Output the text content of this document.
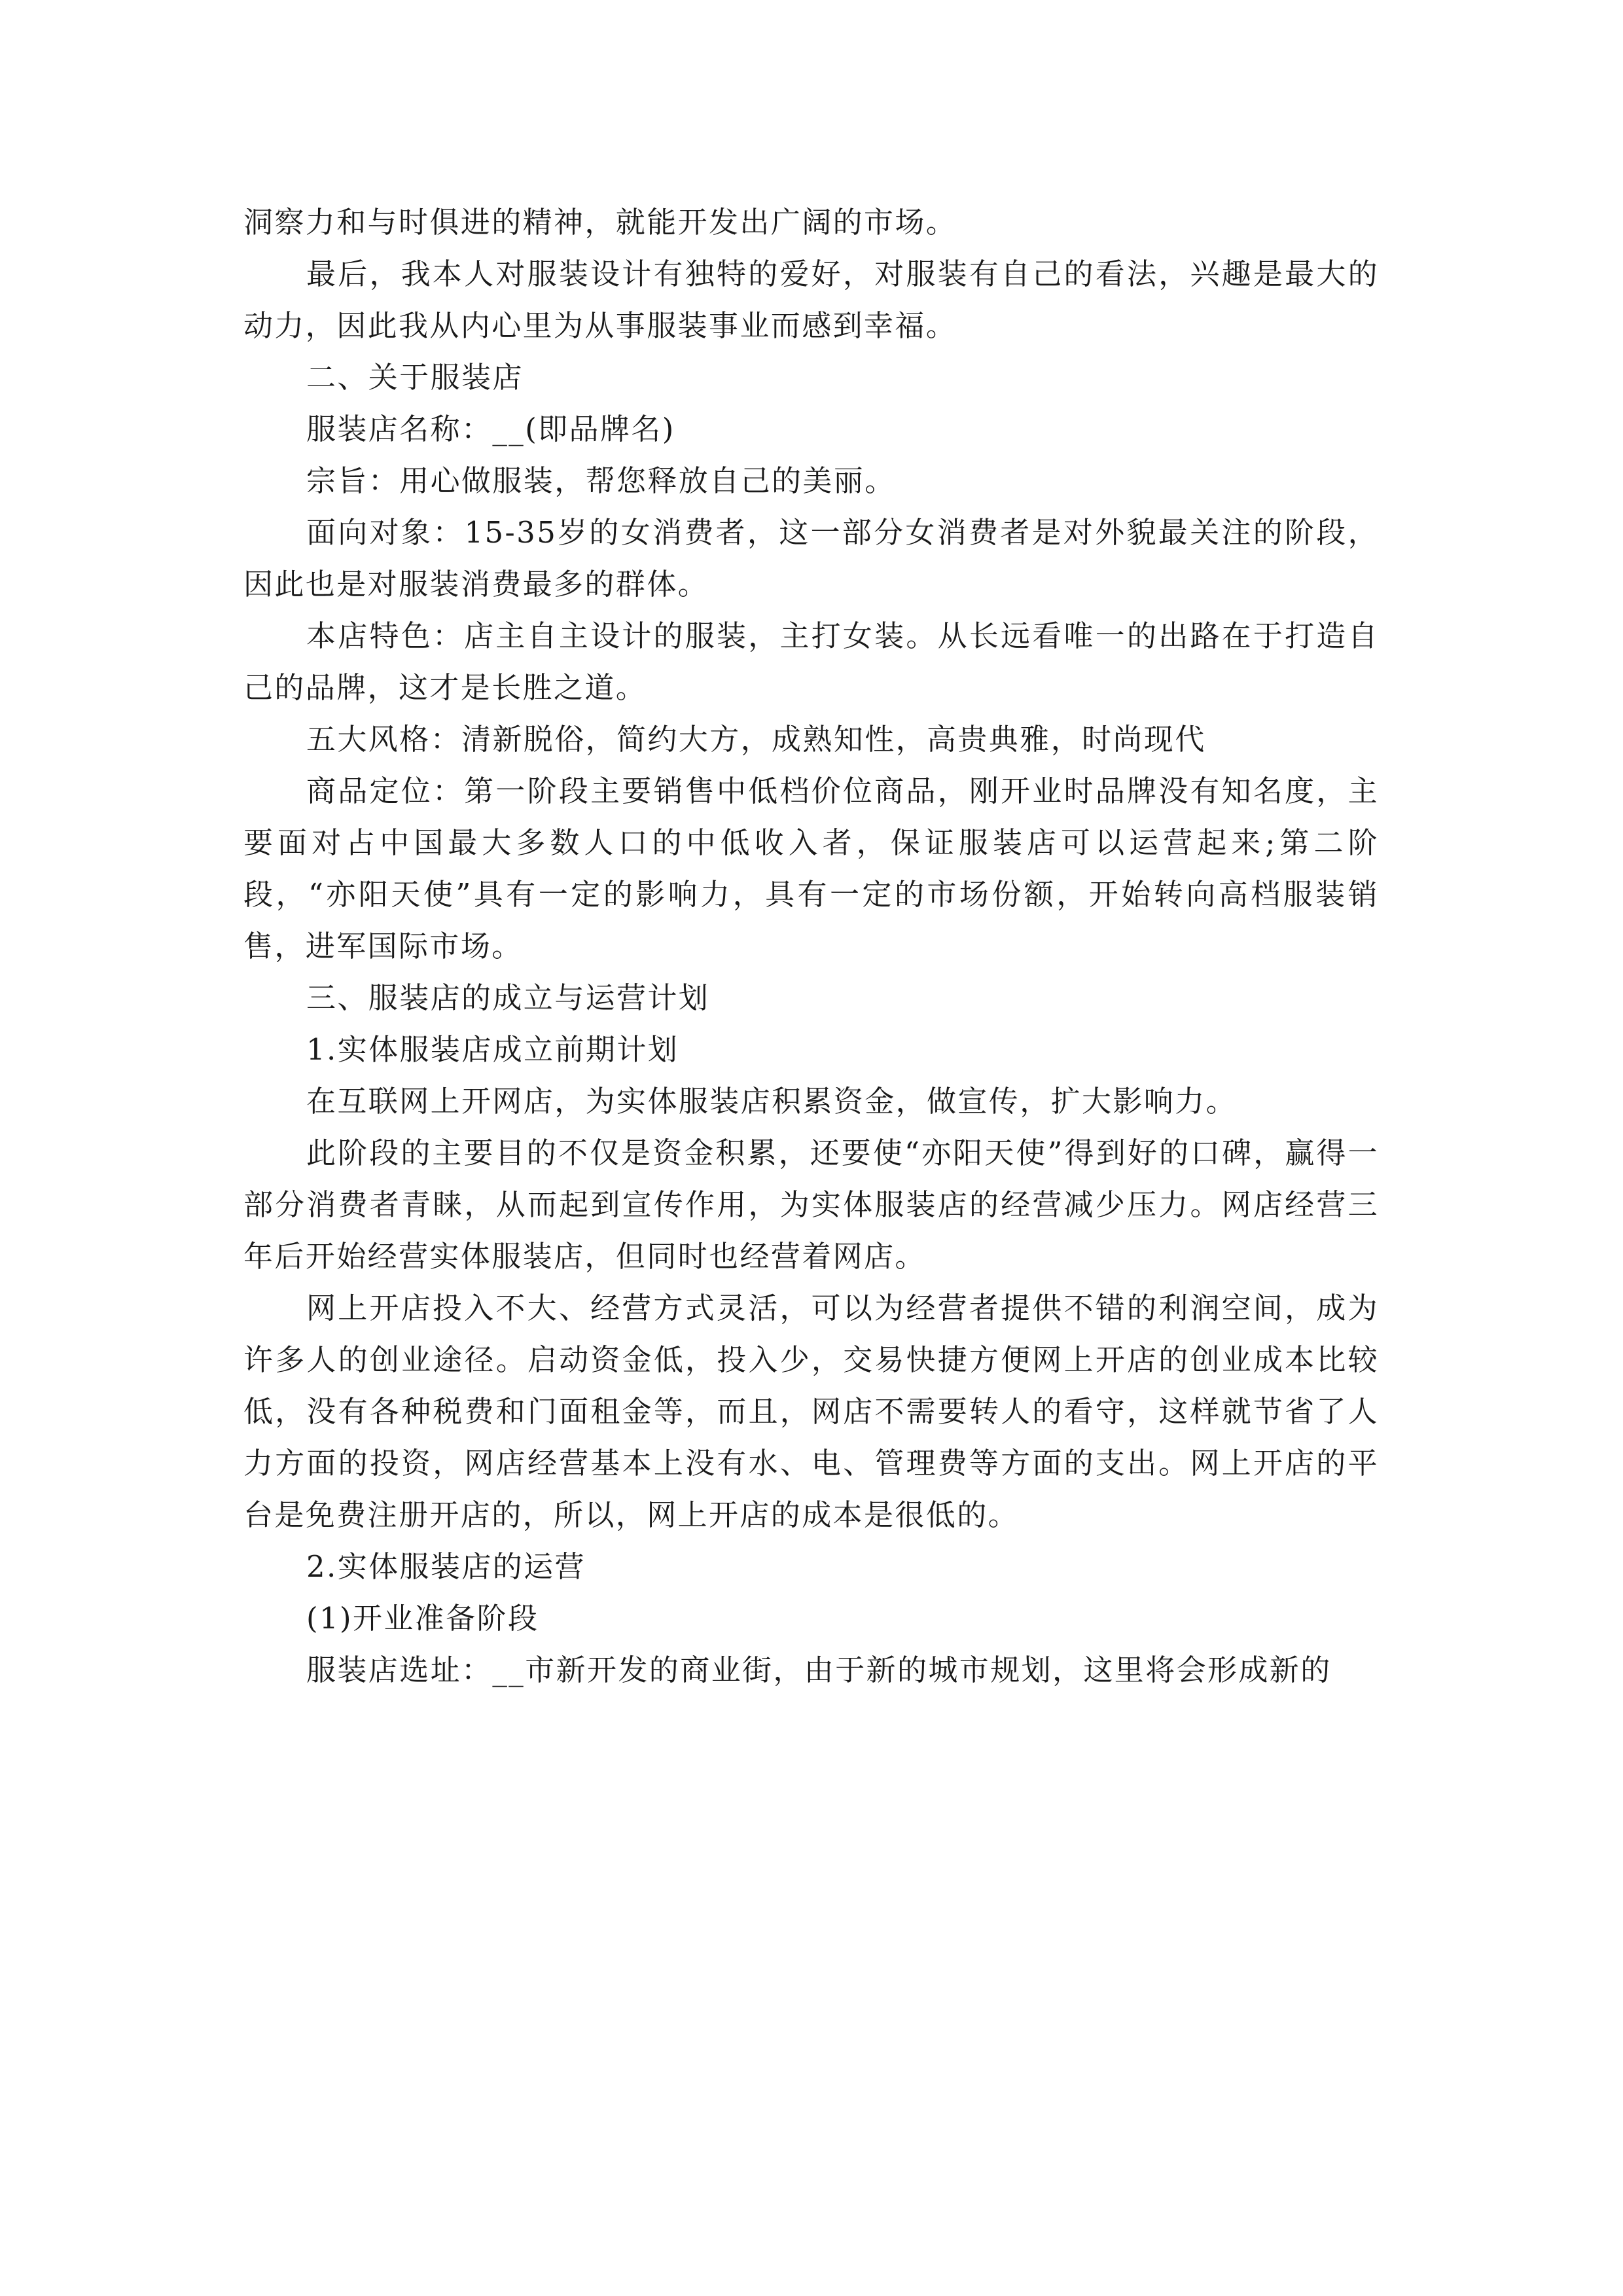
洞察力和与时俱进的精神，就能开发出广阔的市场。

最后，我本人对服装设计有独特的爱好，对服装有自己的看法，兴趣是最大的动力，因此我从内心里为从事服装事业而感到幸福。

二、关于服装店

服装店名称：__(即品牌名)

宗旨：用心做服装，帮您释放自己的美丽。

面向对象：15-35岁的女消费者，这一部分女消费者是对外貌最关注的阶段，因此也是对服装消费最多的群体。

本店特色：店主自主设计的服装，主打女装。从长远看唯一的出路在于打造自己的品牌，这才是长胜之道。

五大风格：清新脱俗，简约大方，成熟知性，高贵典雅，时尚现代

商品定位：第一阶段主要销售中低档价位商品，刚开业时品牌没有知名度，主要面对占中国最大多数人口的中低收入者，保证服装店可以运营起来;第二阶段，“亦阳天使”具有一定的影响力，具有一定的市场份额，开始转向高档服装销售，进军国际市场。

三、服装店的成立与运营计划

1.实体服装店成立前期计划

在互联网上开网店，为实体服装店积累资金，做宣传，扩大影响力。

此阶段的主要目的不仅是资金积累，还要使“亦阳天使”得到好的口碑，赢得一部分消费者青睐，从而起到宣传作用，为实体服装店的经营减少压力。网店经营三年后开始经营实体服装店，但同时也经营着网店。

网上开店投入不大、经营方式灵活，可以为经营者提供不错的利润空间，成为许多人的创业途径。启动资金低，投入少，交易快捷方便网上开店的创业成本比较低，没有各种税费和门面租金等，而且，网店不需要转人的看守，这样就节省了人力方面的投资，网店经营基本上没有水、电、管理费等方面的支出。网上开店的平台是免费注册开店的，所以，网上开店的成本是很低的。

2.实体服装店的运营

(1)开业准备阶段

服装店选址：__市新开发的商业街，由于新的城市规划，这里将会形成新的
